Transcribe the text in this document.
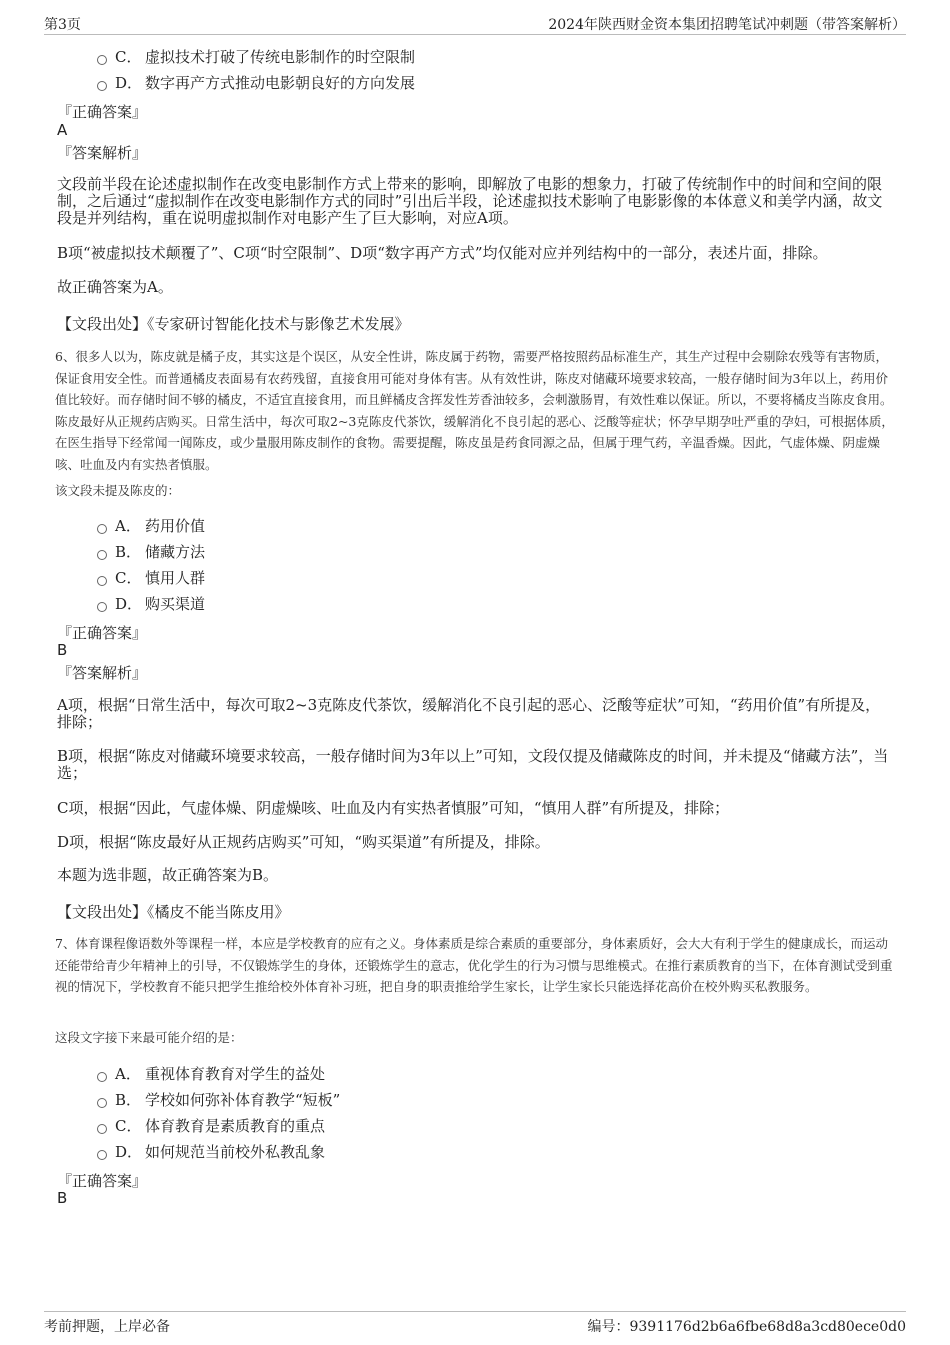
第3页	2024年陕西财金资本集团招聘笔试冲刺题（带答案解析）
C． 虚拟技术打破了传统电影制作的时空限制
D． 数字再产方式推动电影朝良好的方向发展
『正确答案』
A
『答案解析』
文段前半段在论述虚拟制作在改变电影制作方式上带来的影响，即解放了电影的想象力，打破了传统制作中的时间和空间的限制，之后通过“虚拟制作在改变电影制作方式的同时”引出后半段，论述虚拟技术影响了电影影像的本体意义和美学内涵，故文段是并列结构，重在说明虚拟制作对电影产生了巨大影响，对应A项。
B项“被虚拟技术颠覆了”、C项“时空限制”、D项“数字再产方式”均仅能对应并列结构中的一部分，表述片面，排除。
故正确答案为A。
【文段出处】《专家研讨智能化技术与影像艺术发展》
6、很多人以为，陈皮就是橘子皮，其实这是个误区，从安全性讲，陈皮属于药物，需要严格按照药品标准生产，其生产过程中会剔除农残等有害物质，保证食用安全性。而普通橘皮表面易有农药残留，直接食用可能对身体有害。从有效性讲，陈皮对储藏环境要求较高，一般存储时间为3年以上，药用价值比较好。而存储时间不够的橘皮，不适宜直接食用，而且鲜橘皮含挥发性芳香油较多，会刺激肠胃，有效性难以保证。所以，不要将橘皮当陈皮食用。陈皮最好从正规药店购买。日常生活中，每次可取2~3克陈皮代茶饮，缓解消化不良引起的恶心、泛酸等症状；怀孕早期孕吐严重的孕妇，可根据体质，在医生指导下经常闻一闻陈皮，或少量服用陈皮制作的食物。需要提醒，陈皮虽是药食同源之品，但属于理气药，辛温香燥。因此，气虚体燥、阴虚燥咳、吐血及内有实热者慎服。
该文段未提及陈皮的：
A． 药用价值
B． 储藏方法
C． 慎用人群
D． 购买渠道
『正确答案』
B
『答案解析』
A项，根据“日常生活中，每次可取2~3克陈皮代茶饮，缓解消化不良引起的恶心、泛酸等症状”可知，“药用价值”有所提及，排除；
B项，根据“陈皮对储藏环境要求较高，一般存储时间为3年以上”可知，文段仅提及储藏陈皮的时间，并未提及“储藏方法”，当选；
C项，根据“因此，气虚体燥、阴虚燥咳、吐血及内有实热者慎服”可知，“慎用人群”有所提及，排除；
D项，根据“陈皮最好从正规药店购买”可知，“购买渠道”有所提及，排除。
本题为选非题，故正确答案为B。
【文段出处】《橘皮不能当陈皮用》
7、体育课程像语数外等课程一样，本应是学校教育的应有之义。身体素质是综合素质的重要部分，身体素质好，会大大有利于学生的健康成长，而运动还能带给青少年精神上的引导，不仅锻炼学生的身体，还锻炼学生的意志，优化学生的行为习惯与思维模式。在推行素质教育的当下，在体育测试受到重视的情况下，学校教育不能只把学生推给校外体育补习班，把自身的职责推给学生家长，让学生家长只能选择花高价在校外购买私教服务。
这段文字接下来最可能介绍的是：
A． 重视体育教育对学生的益处
B． 学校如何弥补体育教学“短板”
C． 体育教育是素质教育的重点
D． 如何规范当前校外私教乱象
『正确答案』
B
考前押题，上岸必备	编号：9391176d2b6a6fbe68d8a3cd80ece0d0
